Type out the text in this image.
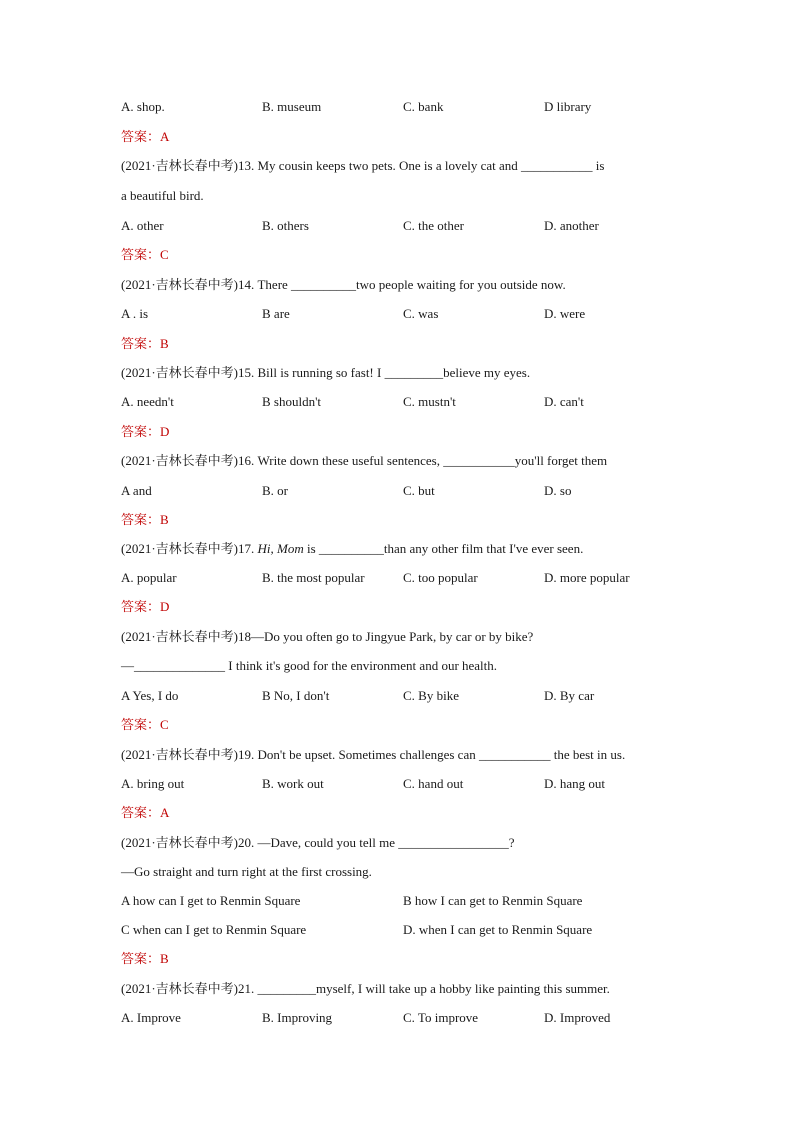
A. shop.	B. museum	C. bank	D library
答案：A
(2021·吉林长春中考)13. My cousin keeps two pets. One is a lovely cat and ___________ is
a beautiful bird.
A. other	B. others	C. the other	D. another
答案：C
(2021·吉林长春中考)14. There __________two people waiting for you outside now.
A . is	B are	C. was	D. were
答案：B
(2021·吉林长春中考)15. Bill is running so fast! I _________believe my eyes.
A. needn't	B shouldn't	C. mustn't	D. can't
答案：D
(2021·吉林长春中考)16. Write down these useful sentences, ___________you'll forget them
A and	B. or	C. but	D. so
答案：B
(2021·吉林长春中考)17. Hi, Mom is __________than any other film that I've ever seen.
A. popular	B. the most popular	C. too popular	D. more popular
答案：D
(2021·吉林长春中考)18—Do you often go to Jingyue Park, by car or by bike?
—______________ I think it's good for the environment and our health.
A Yes, I do	B No, I don't	C. By bike	D. By car
答案：C
(2021·吉林长春中考)19. Don't be upset. Sometimes challenges can ___________ the best in us.
A. bring out	B. work out	C. hand out	D. hang out
答案：A
(2021·吉林长春中考)20. —Dave, could you tell me _________________?
—Go straight and turn right at the first crossing.
A how can I get to Renmin Square	B how I can get to Renmin Square
C when can I get to Renmin Square	D. when I can get to Renmin Square
答案：B
(2021·吉林长春中考)21. _________myself, I will take up a hobby like painting this summer.
A. Improve	B. Improving	C. To improve	D. Improved
